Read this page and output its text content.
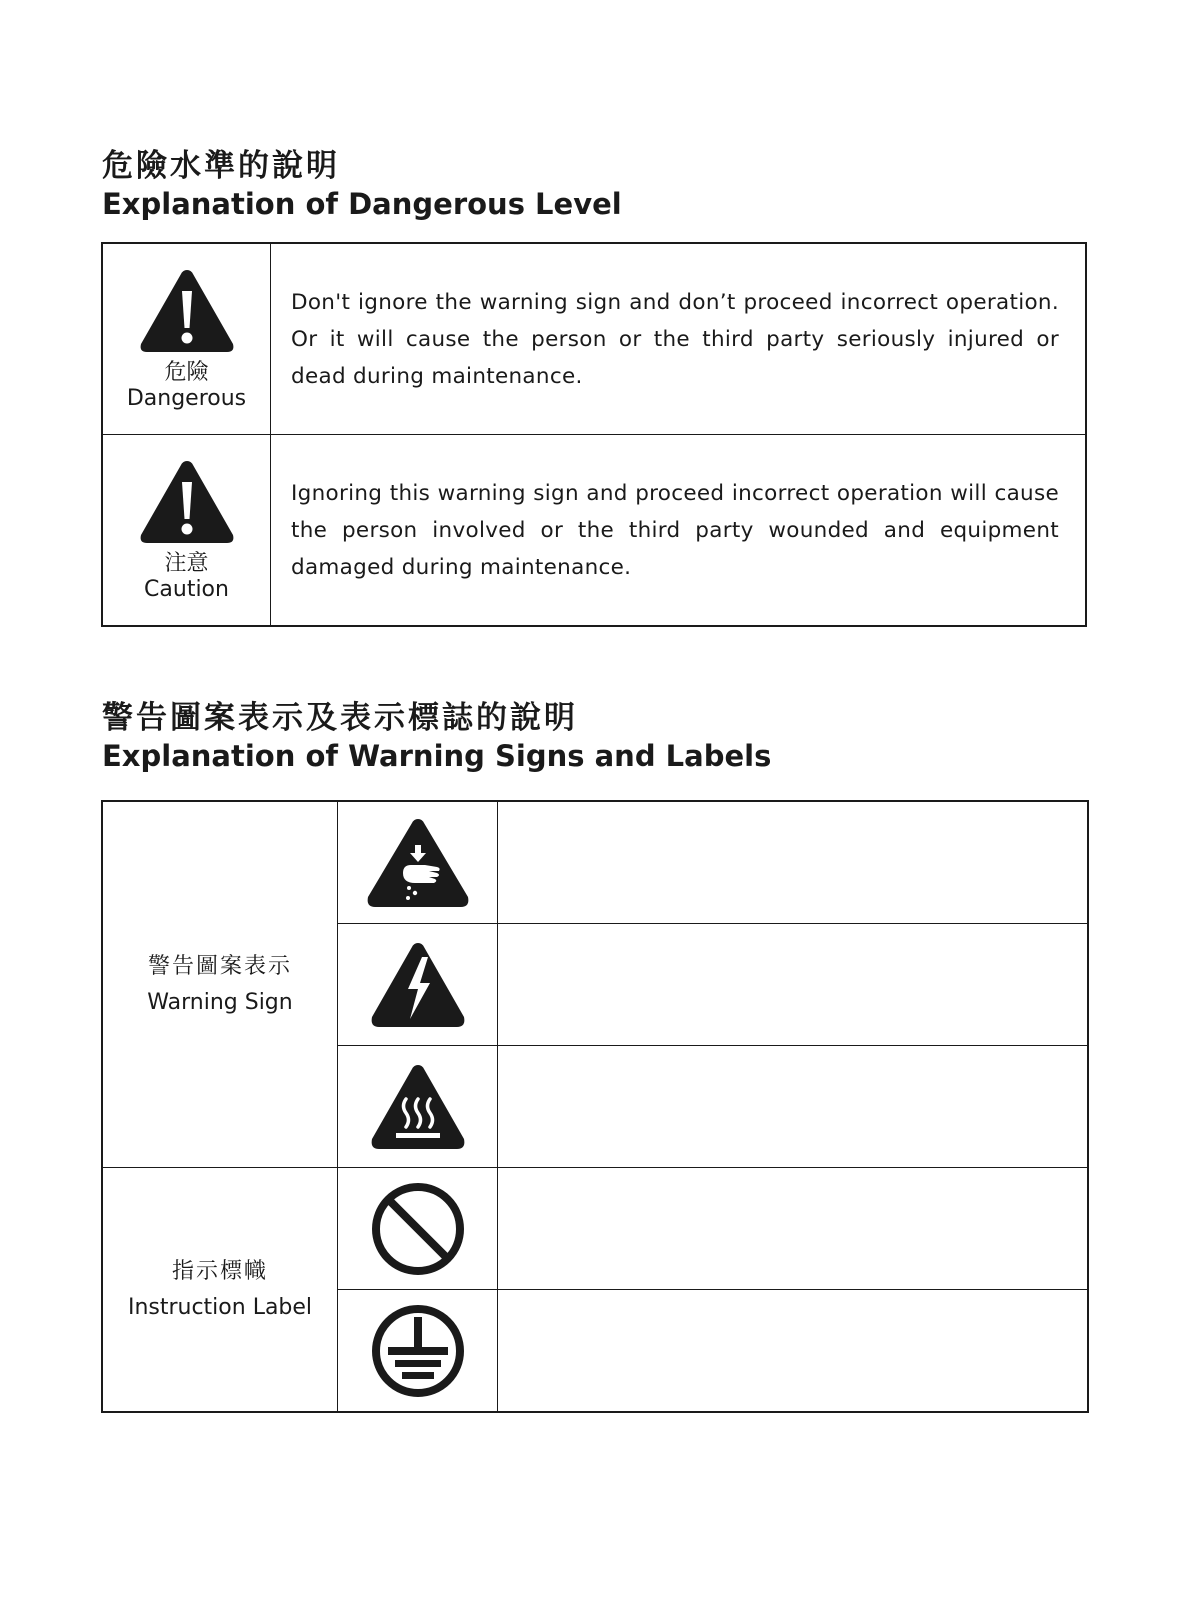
危險水準的說明
Explanation of Dangerous Level
危險
Dangerous	Don't ignore the warning sign and don’t proceed incorrect operation. Or it will cause the person or the third party seriously injured or dead during maintenance.

注意
Caution	Ignoring this warning sign and proceed incorrect operation will cause the person involved or the third party wounded and equipment damaged during maintenance.
警告圖案表示及表示標誌的說明
Explanation of Warning Signs and Labels
警告圖案表示
Warning Sign

指示標幟
Instruction Label
